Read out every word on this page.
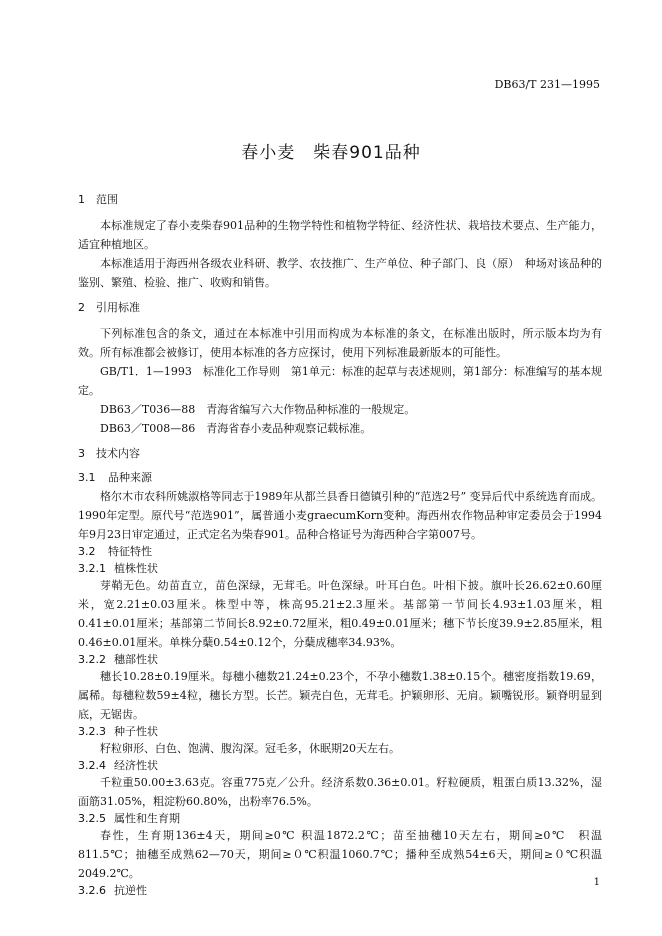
DB63/T 231—1995
春小麦　柴春901品种
1 范围

本标准规定了春小麦柴春901品种的生物学特性和植物学特征、经济性状、栽培技术要点、生产能力，适宜种植地区。

本标准适用于海西州各级农业科研、教学、农技推广、生产单位、种子部门、良（原）　种场对该品种的鉴别、繁殖、检验、推广、收购和销售。

2 引用标准

下列标准包含的条文，通过在本标准中引用而构成为本标准的条文，在标准出版时，所示版本均为有效。所有标准都会被修订，使用本标准的各方应探讨，使用下列标准最新版本的可能性。

GB/T1．1—1993　标准化工作导则　第1单元：标准的起草与表述规则，第1部分：标准编写的基本规定。

DB63／T036—88　青海省编写六大作物品种标准的一般规定。

DB63／T008—86　青海省春小麦品种观察记载标准。

3 技术内容
3.1 品种来源

格尔木市农科所姚淑格等同志于1989年从都兰县香日德镇引种的“范选2号” 变异后代中系统选育而成。1990年定型。原代号“范选901”，属普通小麦graecumKorn变种。海西州农作物品种审定委员会于1994年9月23日审定通过，正式定名为柴春901。品种合格证号为海西种合字第007号。

3.2 特征特性
3.2.1 植株性状

芽鞘无色。幼苗直立，苗色深绿，无茸毛。叶色深绿。叶耳白色。叶相下披。旗叶长26.62±0.60厘米，宽2.21±0.03厘米。株型中等，株高95.21±2.3厘米。基部第一节间长4.93±1.03厘米，粗0.41±0.01厘米；基部第二节间长8.92±0.72厘米，粗0.49±0.01厘米；穗下节长度39.9±2.85厘米，粗0.46±0.01厘米。单株分蘖0.54±0.12个，分蘖成穗率34.93%。

3.2.2 穗部性状

穗长10.28±0.19厘米。每穗小穗数21.24±0.23个，不孕小穗数1.38±0.15个。穗密度指数19.69，属稀。每穗粒数59±4粒，穗长方型。长芒。颖壳白色，无茸毛。护颖卵形、无肩。颖嘴锐形。颖脊明显到底，无锯齿。

3.2.3 种子性状

籽粒卵形、白色、饱满、腹沟深。冠毛多，休眠期20天左右。

3.2.4 经济性状

千粒重50.00±3.63克。容重775克／公升。经济系数0.36±0.01。籽粒硬质，粗蛋白质13.32%，湿面筋31.05%，粗淀粉60.80%，出粉率76.5%。

3.2.5 属性和生育期

春性，生育期136±4天，期间≥0℃ 积温1872.2℃；苗至抽穗10天左右，期间≥0℃　积温811.5℃；抽穗至成熟62—70天，期间≥０℃积温1060.7℃；播种至成熟54±6天，期间≥０℃积温2049.2℃。

3.2.6 抗逆性
1
